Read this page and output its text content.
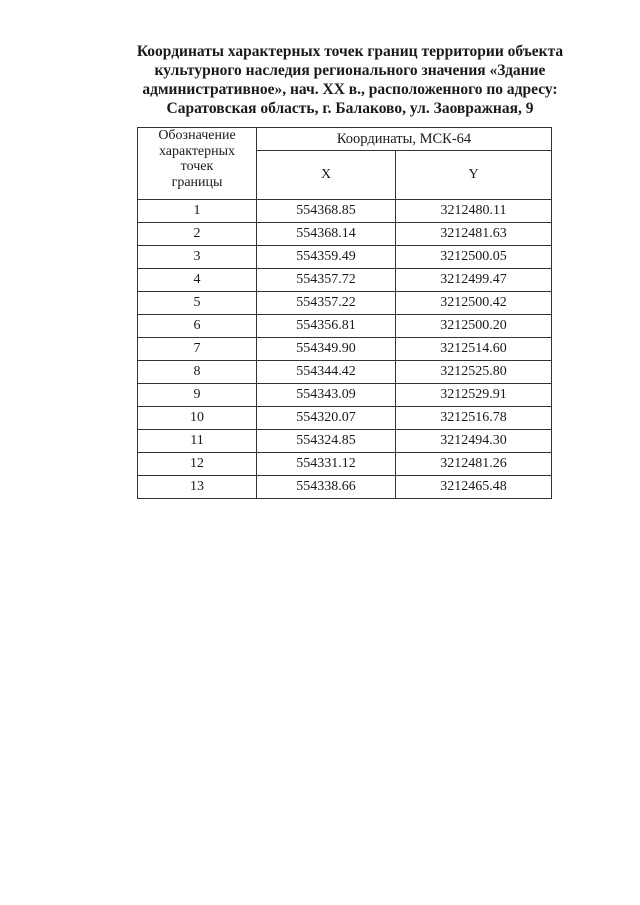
Координаты характерных точек границ территории объекта
культурного наследия регионального значения «Здание
административное», нач. XX в., расположенного по адресу:
Саратовская область, г. Балаково, ул. Заовражная, 9
Обозначение
характерных
точек
границы	Координаты, МСК-64	
	X	Y
1	554368.85	3212480.11
2	554368.14	3212481.63
3	554359.49	3212500.05
4	554357.72	3212499.47
5	554357.22	3212500.42
6	554356.81	3212500.20
7	554349.90	3212514.60
8	554344.42	3212525.80
9	554343.09	3212529.91
10	554320.07	3212516.78
11	554324.85	3212494.30
12	554331.12	3212481.26
13	554338.66	3212465.48
